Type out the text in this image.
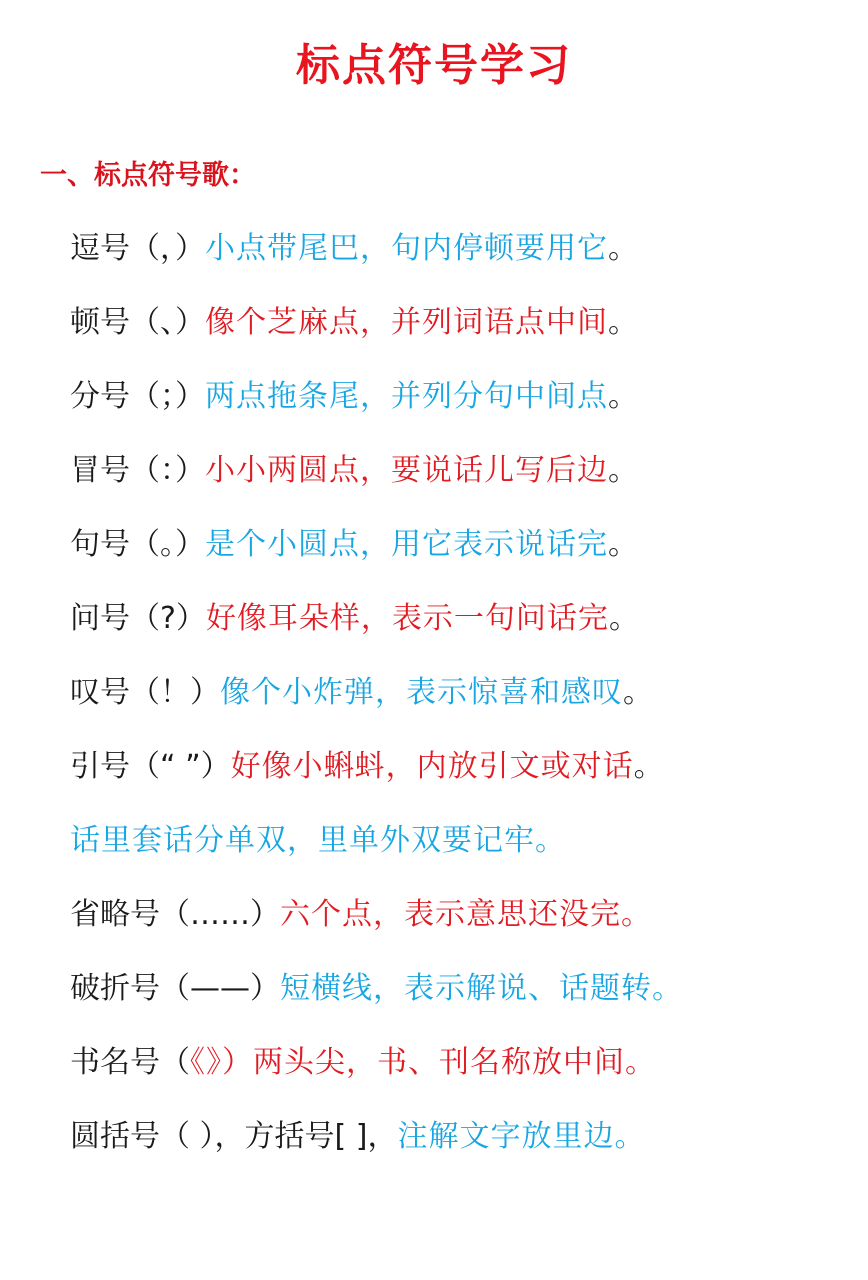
标点符号学习
一、标点符号歌：
逗号（，）小点带尾巴，句内停顿要用它。
顿号（、）像个芝麻点，并列词语点中间。
分号（；）两点拖条尾，并列分句中间点。
冒号（：）小小两圆点，要说话儿写后边。
句号（。）是个小圆点，用它表示说话完。
问号（?）好像耳朵样，表示一句问话完。
叹号（！）像个小炸弹，表示惊喜和感叹。
引号（“ ”）好像小蝌蚪，内放引文或对话。
话里套话分单双，里单外双要记牢。
省略号（……）六个点，表示意思还没完。
破折号（——）短横线，表示解说、话题转。
书名号（《》）两头尖，书、刊名称放中间。
圆括号（ ），方括号[ ]，注解文字放里边。
